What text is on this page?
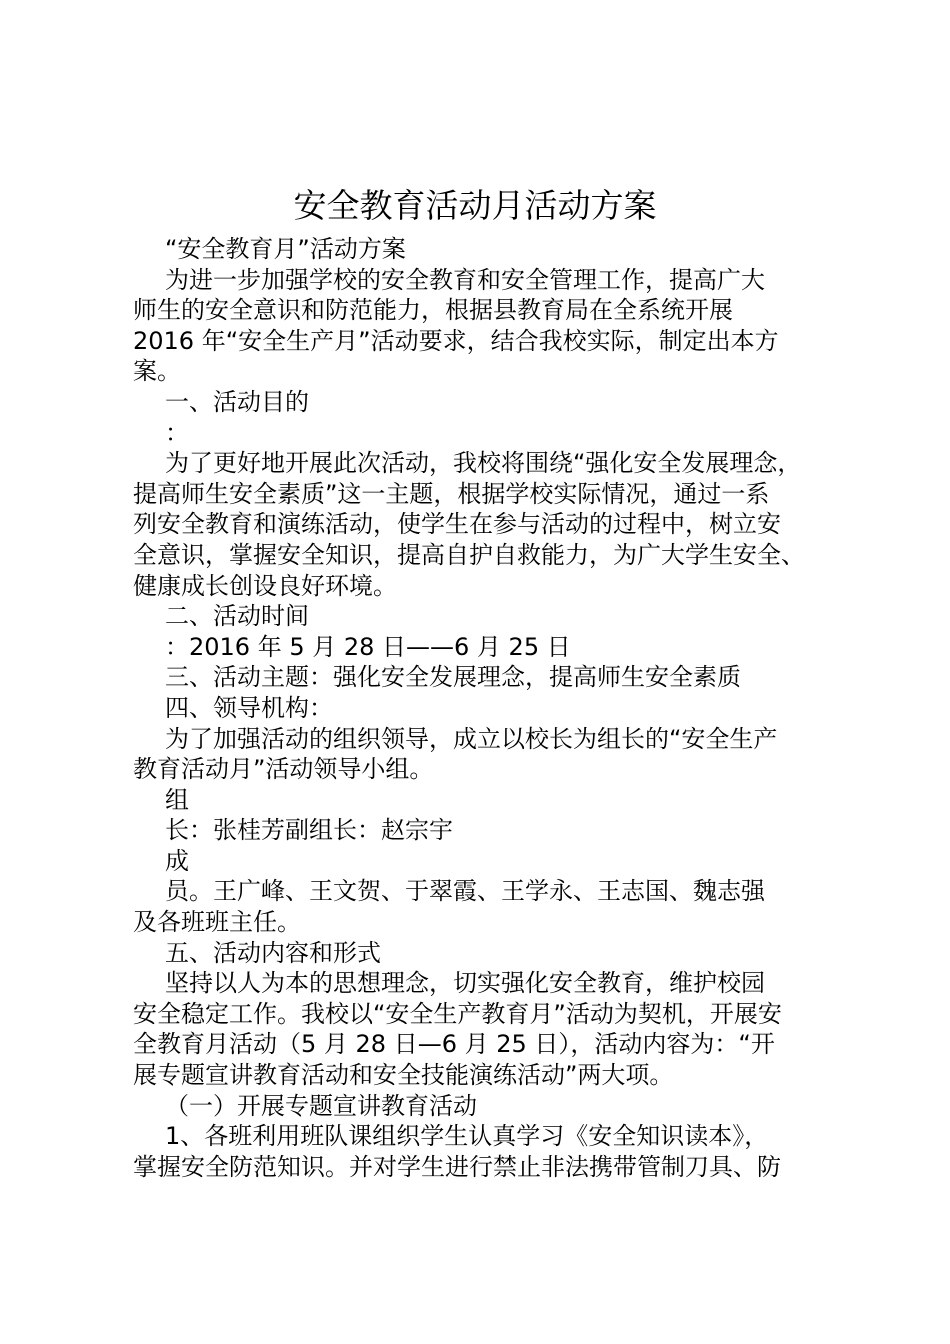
安全教育活动月活动方案
“安全教育月”活动方案
为进一步加强学校的安全教育和安全管理工作，提高广大
师生的安全意识和防范能力，根据县教育局在全系统开展
2016 年“安全生产月”活动要求，结合我校实际，制定出本方
案。
一、活动目的
：
为了更好地开展此次活动，我校将围绕“强化安全发展理念，
提高师生安全素质”这一主题，根据学校实际情况，通过一系
列安全教育和演练活动，使学生在参与活动的过程中，树立安
全意识，掌握安全知识，提高自护自救能力，为广大学生安全、
健康成长创设良好环境。
二、活动时间
：2016 年 5 月 28 日——6 月 25 日
三、活动主题：强化安全发展理念，提高师生安全素质
四、领导机构：
为了加强活动的组织领导，成立以校长为组长的“安全生产
教育活动月”活动领导小组。
组
长：张桂芳副组长：赵宗宇
成
员。王广峰、王文贺、于翠霞、王学永、王志国、魏志强
及各班班主任。
五、活动内容和形式
坚持以人为本的思想理念，切实强化安全教育，维护校园
安全稳定工作。我校以“安全生产教育月”活动为契机，开展安
全教育月活动（5 月 28 日—6 月 25 日），活动内容为：“开
展专题宣讲教育活动和安全技能演练活动”两大项。
（一）开展专题宣讲教育活动
1、各班利用班队课组织学生认真学习《安全知识读本》，
掌握安全防范知识。并对学生进行禁止非法携带管制刀具、防
